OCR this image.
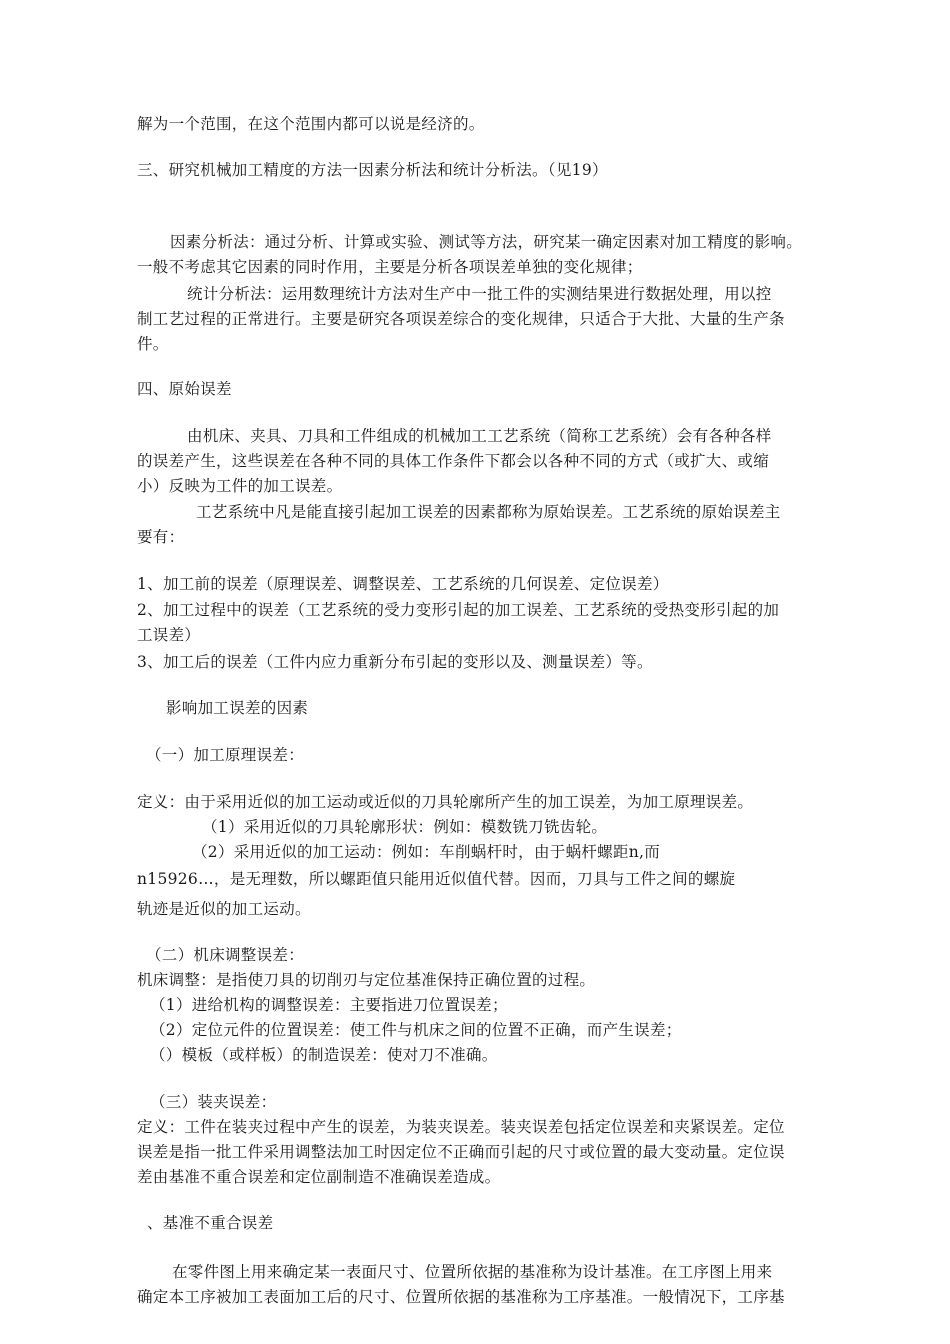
解为一个范围，在这个范围内都可以说是经济的。
三、研究机械加工精度的方法一因素分析法和统计分析法。（见19）
因素分析法：通过分析、计算或实验、测试等方法，研究某一确定因素对加工精度的影响。
一般不考虑其它因素的同时作用，主要是分析各项误差单独的变化规律；
统计分析法：运用数理统计方法对生产中一批工件的实测结果进行数据处理，用以控
制工艺过程的正常进行。主要是研究各项误差综合的变化规律，只适合于大批、大量的生产条
件。
四、原始误差
由机床、夹具、刀具和工件组成的机械加工工艺系统（简称工艺系统）会有各种各样
的误差产生，这些误差在各种不同的具体工作条件下都会以各种不同的方式（或扩大、或缩
小）反映为工件的加工误差。
工艺系统中凡是能直接引起加工误差的因素都称为原始误差。工艺系统的原始误差主
要有：
1、加工前的误差（原理误差、调整误差、工艺系统的几何误差、定位误差）
2、加工过程中的误差（工艺系统的受力变形引起的加工误差、工艺系统的受热变形引起的加
工误差）
3、加工后的误差（工件内应力重新分布引起的变形以及、测量误差）等。
影响加工误差的因素
（一）加工原理误差：
定义：由于采用近似的加工运动或近似的刀具轮廓所产生的加工误差，为加工原理误差。
（1）采用近似的刀具轮廓形状：例如：模数铣刀铣齿轮。
（2）采用近似的加工运动：例如：车削蜗杆时，由于蜗杆螺距n,而
n15926…，是无理数，所以螺距值只能用近似值代替。因而，刀具与工件之间的螺旋
轨迹是近似的加工运动。
（二）机床调整误差：
机床调整：是指使刀具的切削刃与定位基准保持正确位置的过程。
（1）进给机构的调整误差：主要指进刀位置误差；
（2）定位元件的位置误差：使工件与机床之间的位置不正确，而产生误差；
（）模板（或样板）的制造误差：使对刀不准确。
（三）装夹误差：
定义：工件在装夹过程中产生的误差，为装夹误差。装夹误差包括定位误差和夹紧误差。定位
误差是指一批工件采用调整法加工时因定位不正确而引起的尺寸或位置的最大变动量。定位误
差由基准不重合误差和定位副制造不准确误差造成。
、基准不重合误差
在零件图上用来确定某一表面尺寸、位置所依据的基准称为设计基准。在工序图上用来
确定本工序被加工表面加工后的尺寸、位置所依据的基准称为工序基准。一般情况下，工序基
